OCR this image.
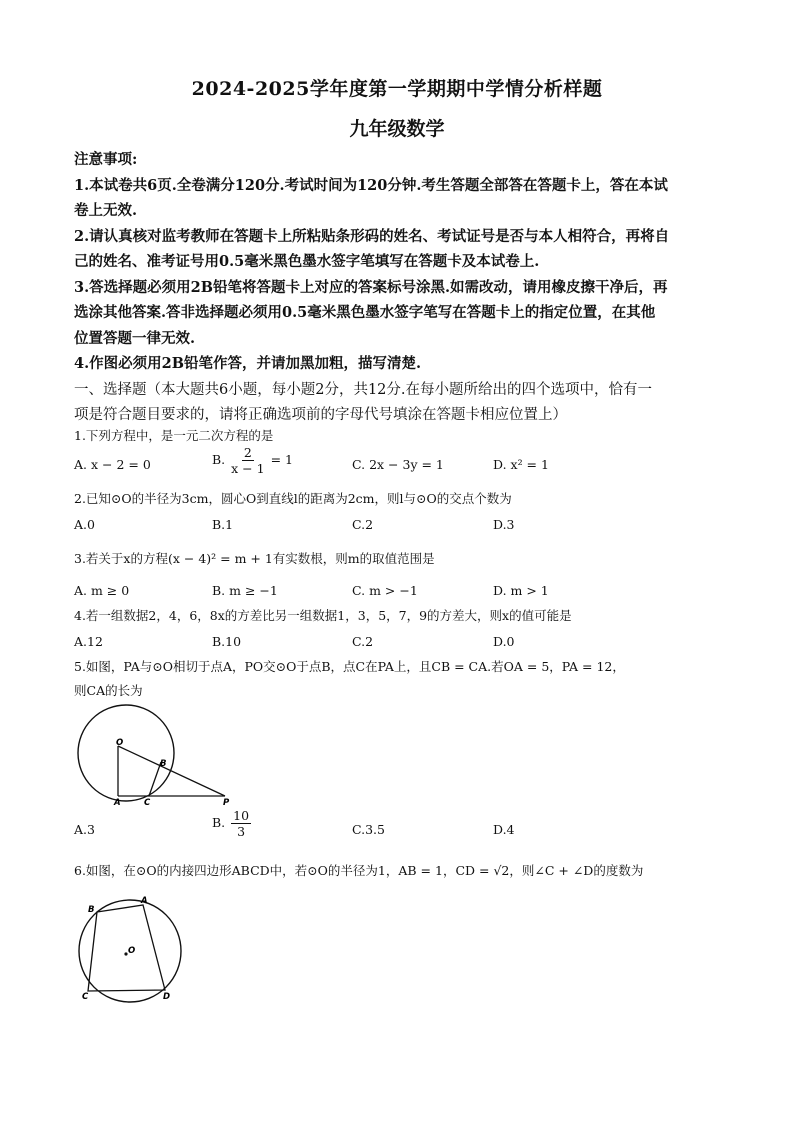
2024-2025学年度第一学期期中学情分析样题
九年级数学
注意事项:
1.本试卷共6页.全卷满分120分.考试时间为120分钟.考生答题全部答在答题卡上，答在本试
卷上无效.
2.请认真核对监考教师在答题卡上所粘贴条形码的姓名、考试证号是否与本人相符合，再将自
己的姓名、准考证号用0.5毫米黑色墨水签字笔填写在答题卡及本试卷上.
3.答选择题必须用2B铅笔将答题卡上对应的答案标号涂黑.如需改动，请用橡皮擦干净后，再
选涂其他答案.答非选择题必须用0.5毫米黑色墨水签字笔写在答题卡上的指定位置，在其他
位置答题一律无效.
4.作图必须用2B铅笔作答，并请加黑加粗，描写清楚.
一、选择题（本大题共6小题，每小题2分，共12分.在每小题所给出的四个选项中，恰有一
项是符合题目要求的，请将正确选项前的字母代号填涂在答题卡相应位置上）
1.下列方程中，是一元二次方程的是
A. x − 2 = 0	B. $\frac{2}{x - 1} = 1$	C. 2x − 3y = 1	D. x² = 1
2.已知⊙O的半径为3cm，圆心O到直线l的距离为2cm，则l与⊙O的交点个数为
A.0	B.1	C.2	D.3
3.若关于x的方程(x − 4)² = m + 1有实数根，则m的取值范围是
A. m ≥ 0	B. m ≥ −1	C. m > −1	D. m > 1
4.若一组数据2，4，6，8x的方差比另一组数据1，3，5，7，9的方差大，则x的值可能是
A.12	B.10	C.2	D.0
5.如图，PA与⊙O相切于点A，PO交⊙O于点B，点C在PA上，且CB = CA.若OA = 5，PA = 12，
则CA的长为
O
B
A	C	P
A.3	B. $\frac{10}{3}$	C.3.5	D.4
6.如图，在⊙O的内接四边形ABCD中，若⊙O的半径为1，AB = 1，CD = √2，则∠C + ∠D的度数为
A
B
C	D
O
